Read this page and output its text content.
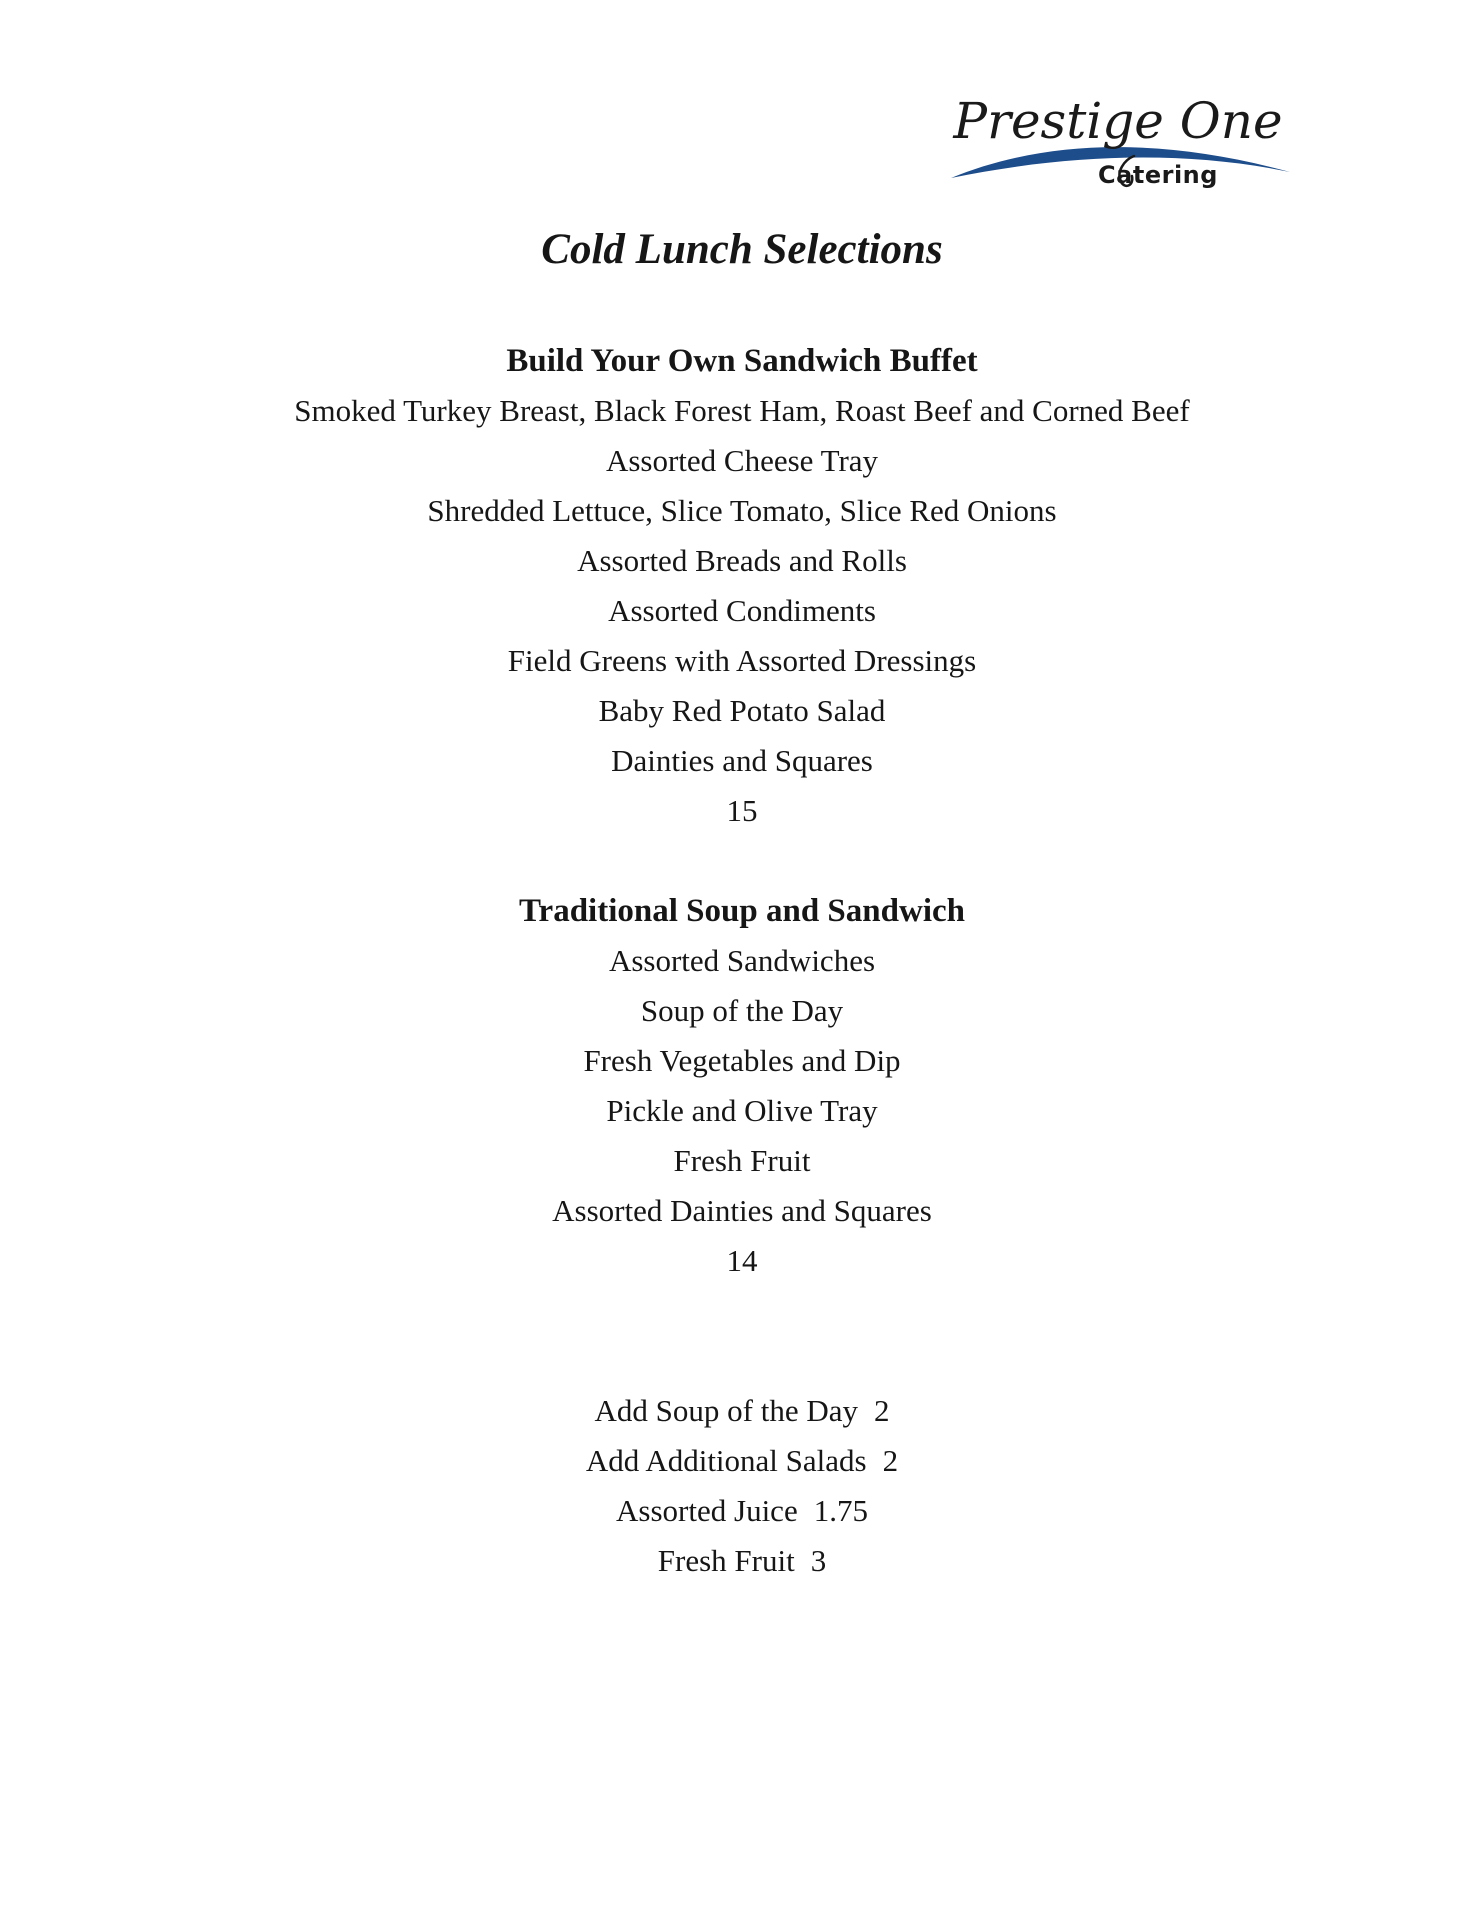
Prestige One
Catering
Cold Lunch Selections
Build Your Own Sandwich Buffet

Smoked Turkey Breast, Black Forest Ham, Roast Beef and Corned Beef

Assorted Cheese Tray

Shredded Lettuce, Slice Tomato, Slice Red Onions

Assorted Breads and Rolls

Assorted Condiments

Field Greens with Assorted Dressings

Baby Red Potato Salad

Dainties and Squares

15

Traditional Soup and Sandwich

Assorted Sandwiches

Soup of the Day

Fresh Vegetables and Dip

Pickle and Olive Tray

Fresh Fruit

Assorted Dainties and Squares

14

Add Soup of the Day 2

Add Additional Salads 2

Assorted Juice 1.75

Fresh Fruit 3
